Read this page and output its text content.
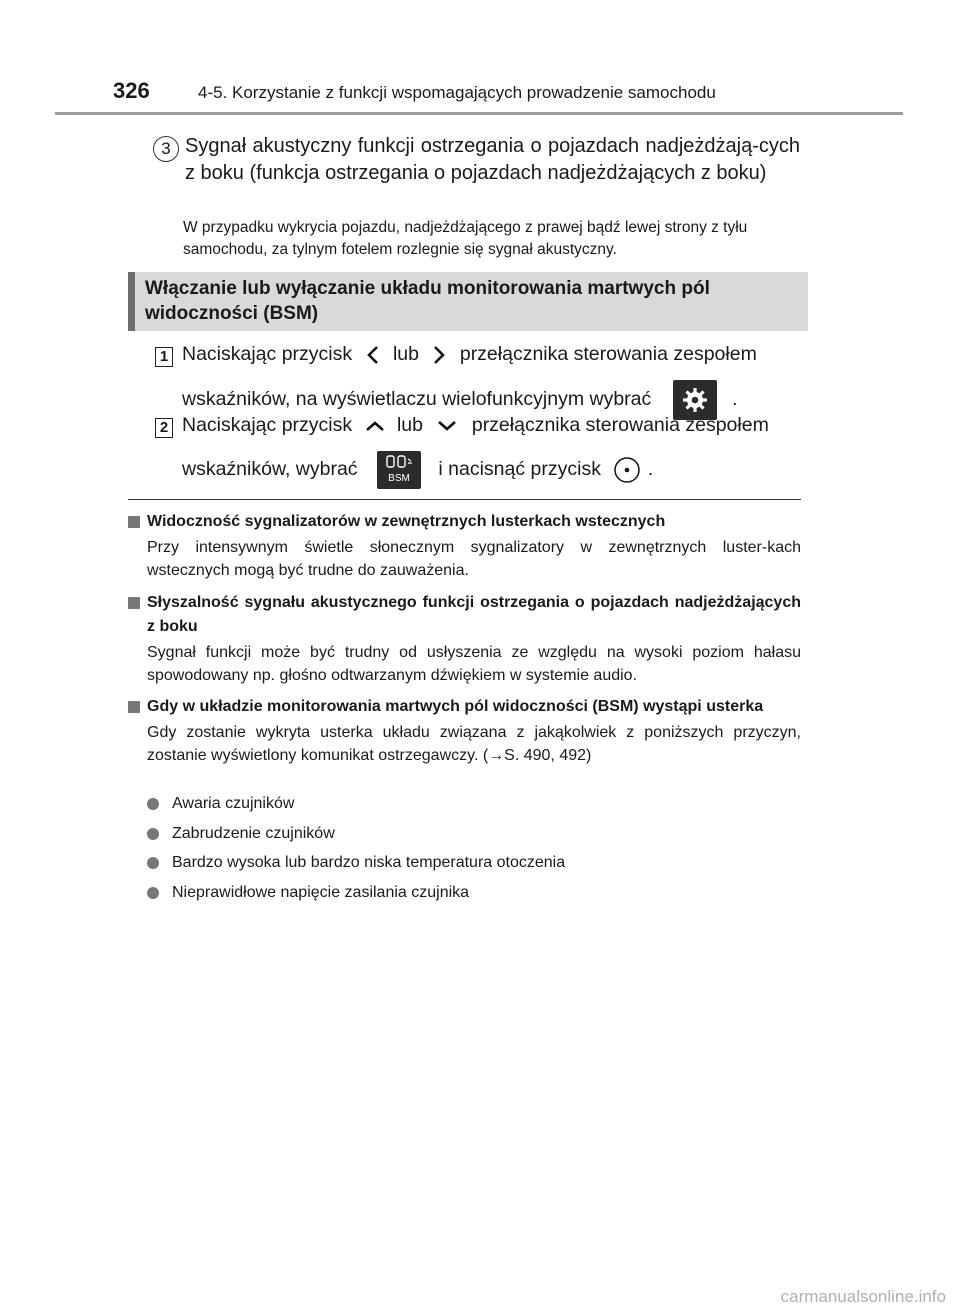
326	4-5. Korzystanie z funkcji wspomagających prowadzenie samochodu
3 Sygnał akustyczny funkcji ostrzegania o pojazdach nadjeżdżają-cych z boku (funkcja ostrzegania o pojazdach nadjeżdżających z boku)
W przypadku wykrycia pojazdu, nadjeżdżającego z prawej bądź lewej strony z tyłu samochodu, za tylnym fotelem rozlegnie się sygnał akustyczny.
Włączanie lub wyłączanie układu monitorowania martwych pól widoczności (BSM)
1 Naciskając przycisk lub przełącznika sterowania zespołem
wskaźników, na wyświetlaczu wielofunkcyjnym wybrać	.
2 Naciskając przycisk lub	przełącznika sterowania zespołem
wskaźników, wybrać	BSM i nacisnąć przycisk .
Widoczność sygnalizatorów w zewnętrznych lusterkach wstecznych
Przy intensywnym świetle słonecznym sygnalizatory w zewnętrznych luster-kach wstecznych mogą być trudne do zauważenia.
Słyszalność sygnału akustycznego funkcji ostrzegania o pojazdach nadjeżdżających z boku
Sygnał funkcji może być trudny od usłyszenia ze względu na wysoki poziom hałasu spowodowany np. głośno odtwarzanym dźwiękiem w systemie audio.
Gdy w układzie monitorowania martwych pól widoczności (BSM) wystąpi usterka
Gdy zostanie wykryta usterka układu związana z jakąkolwiek z poniższych przyczyn, zostanie wyświetlony komunikat ostrzegawczy. (→S. 490, 492)
Awaria czujników
Zabrudzenie czujników
Bardzo wysoka lub bardzo niska temperatura otoczenia
Nieprawidłowe napięcie zasilania czujnika
carmanualsonline.info
